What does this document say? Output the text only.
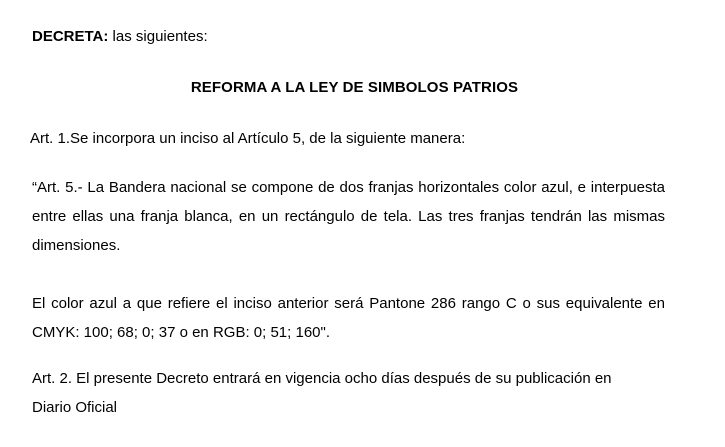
DECRETA: las siguientes:

REFORMA A LA LEY DE SIMBOLOS PATRIOS

Art. 1.Se incorpora un inciso al Artículo 5, de la siguiente manera:

“Art. 5.- La Bandera nacional se compone de dos franjas horizontales color azul, e interpuesta entre ellas una franja blanca, en un rectángulo de tela. Las tres franjas tendrán las mismas dimensiones.

El color azul a que refiere el inciso anterior será Pantone 286 rango C o sus equivalente en CMYK: 100; 68; 0; 37 o en RGB: 0; 51; 160".

Art. 2. El presente Decreto entrará en vigencia ocho días después de su publicación en
Diario Oficial
